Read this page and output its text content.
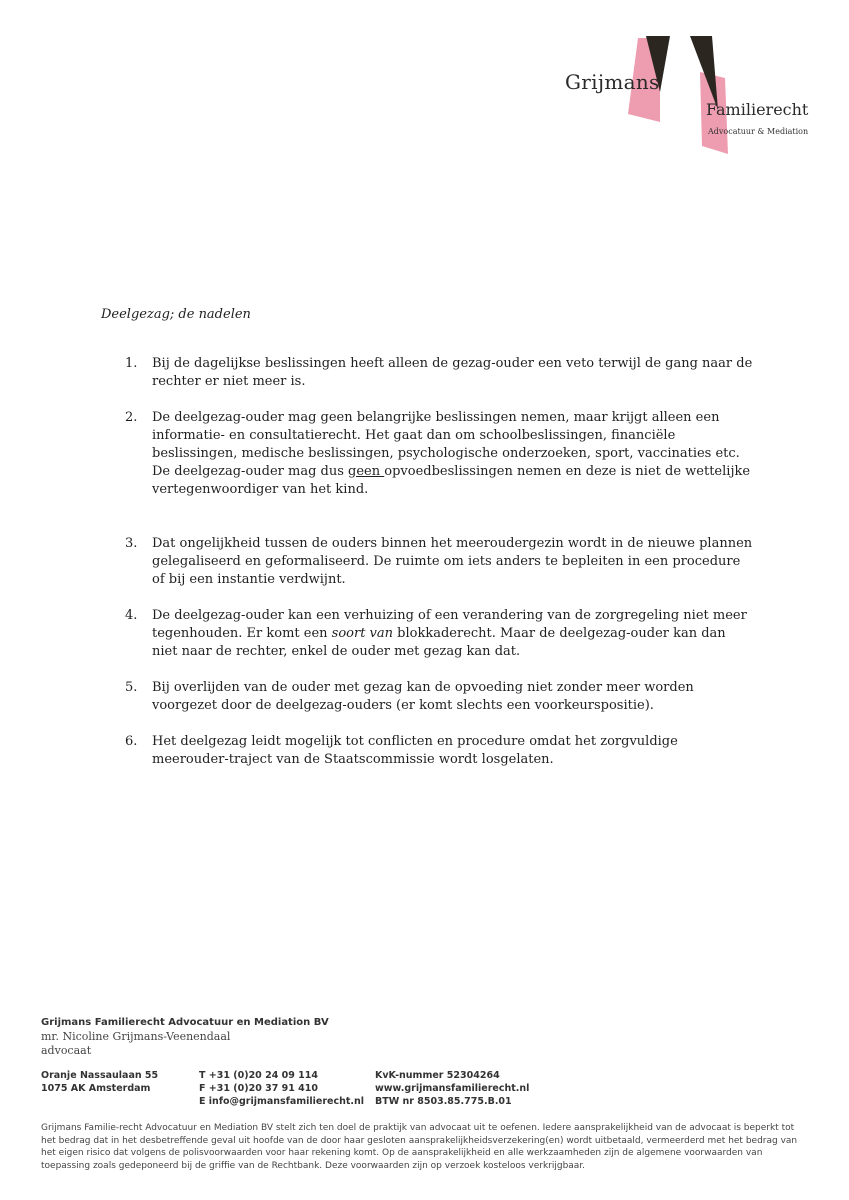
Grijmans
Familierecht
Advocatuur & Mediation
Deelgezag; de nadelen
1. Bij de dagelijkse beslissingen heeft alleen de gezag-ouder een veto terwijl de gang naar de rechter er niet meer is.
2. De deelgezag-ouder mag geen belangrijke beslissingen nemen, maar krijgt alleen een informatie- en consultatierecht. Het gaat dan om schoolbeslissingen, financiële beslissingen, medische beslissingen, psychologische onderzoeken, sport, vaccinaties etc. De deelgezag-ouder mag dus geen opvoedbeslissingen nemen en deze is niet de wettelijke vertegenwoordiger van het kind.
3. Dat ongelijkheid tussen de ouders binnen het meeroudergezin wordt in de nieuwe plannen gelegaliseerd en geformaliseerd. De ruimte om iets anders te bepleiten in een procedure of bij een instantie verdwijnt.
4. De deelgezag-ouder kan een verhuizing of een verandering van de zorgregeling niet meer tegenhouden. Er komt een soort van blokkaderecht. Maar de deelgezag-ouder kan dan niet naar de rechter, enkel de ouder met gezag kan dat.
5. Bij overlijden van de ouder met gezag kan de opvoeding niet zonder meer worden voorgezet door de deelgezag-ouders (er komt slechts een voorkeurspositie).
6. Het deelgezag leidt mogelijk tot conflicten en procedure omdat het zorgvuldige meerouder-traject van de Staatscommissie wordt losgelaten.
Grijmans Familierecht Advocatuur en Mediation BV
mr. Nicoline Grijmans-Veenendaal
advocaat
Oranje Nassaulaan 55
1075 AK Amsterdam
T +31 (0)20 24 09 114
F +31 (0)20 37 91 410
E info@grijmansfamilierecht.nl
KvK-nummer 52304264
www.grijmansfamilierecht.nl
BTW nr 8503.85.775.B.01
Grijmans Familie-recht Advocatuur en Mediation BV stelt zich ten doel de praktijk van advocaat uit te oefenen. Iedere aansprakelijkheid van de advocaat is beperkt tot het bedrag dat in het desbetreffende geval uit hoofde van de door haar gesloten aansprakelijkheidsverzekering(en) wordt uitbetaald, vermeerderd met het bedrag van het eigen risico dat volgens de polisvoorwaarden voor haar rekening komt. Op de aansprakelijkheid en alle werkzaamheden zijn de algemene voorwaarden van toepassing zoals gedeponeerd bij de griffie van de Rechtbank. Deze voorwaarden zijn op verzoek kosteloos verkrijgbaar.
